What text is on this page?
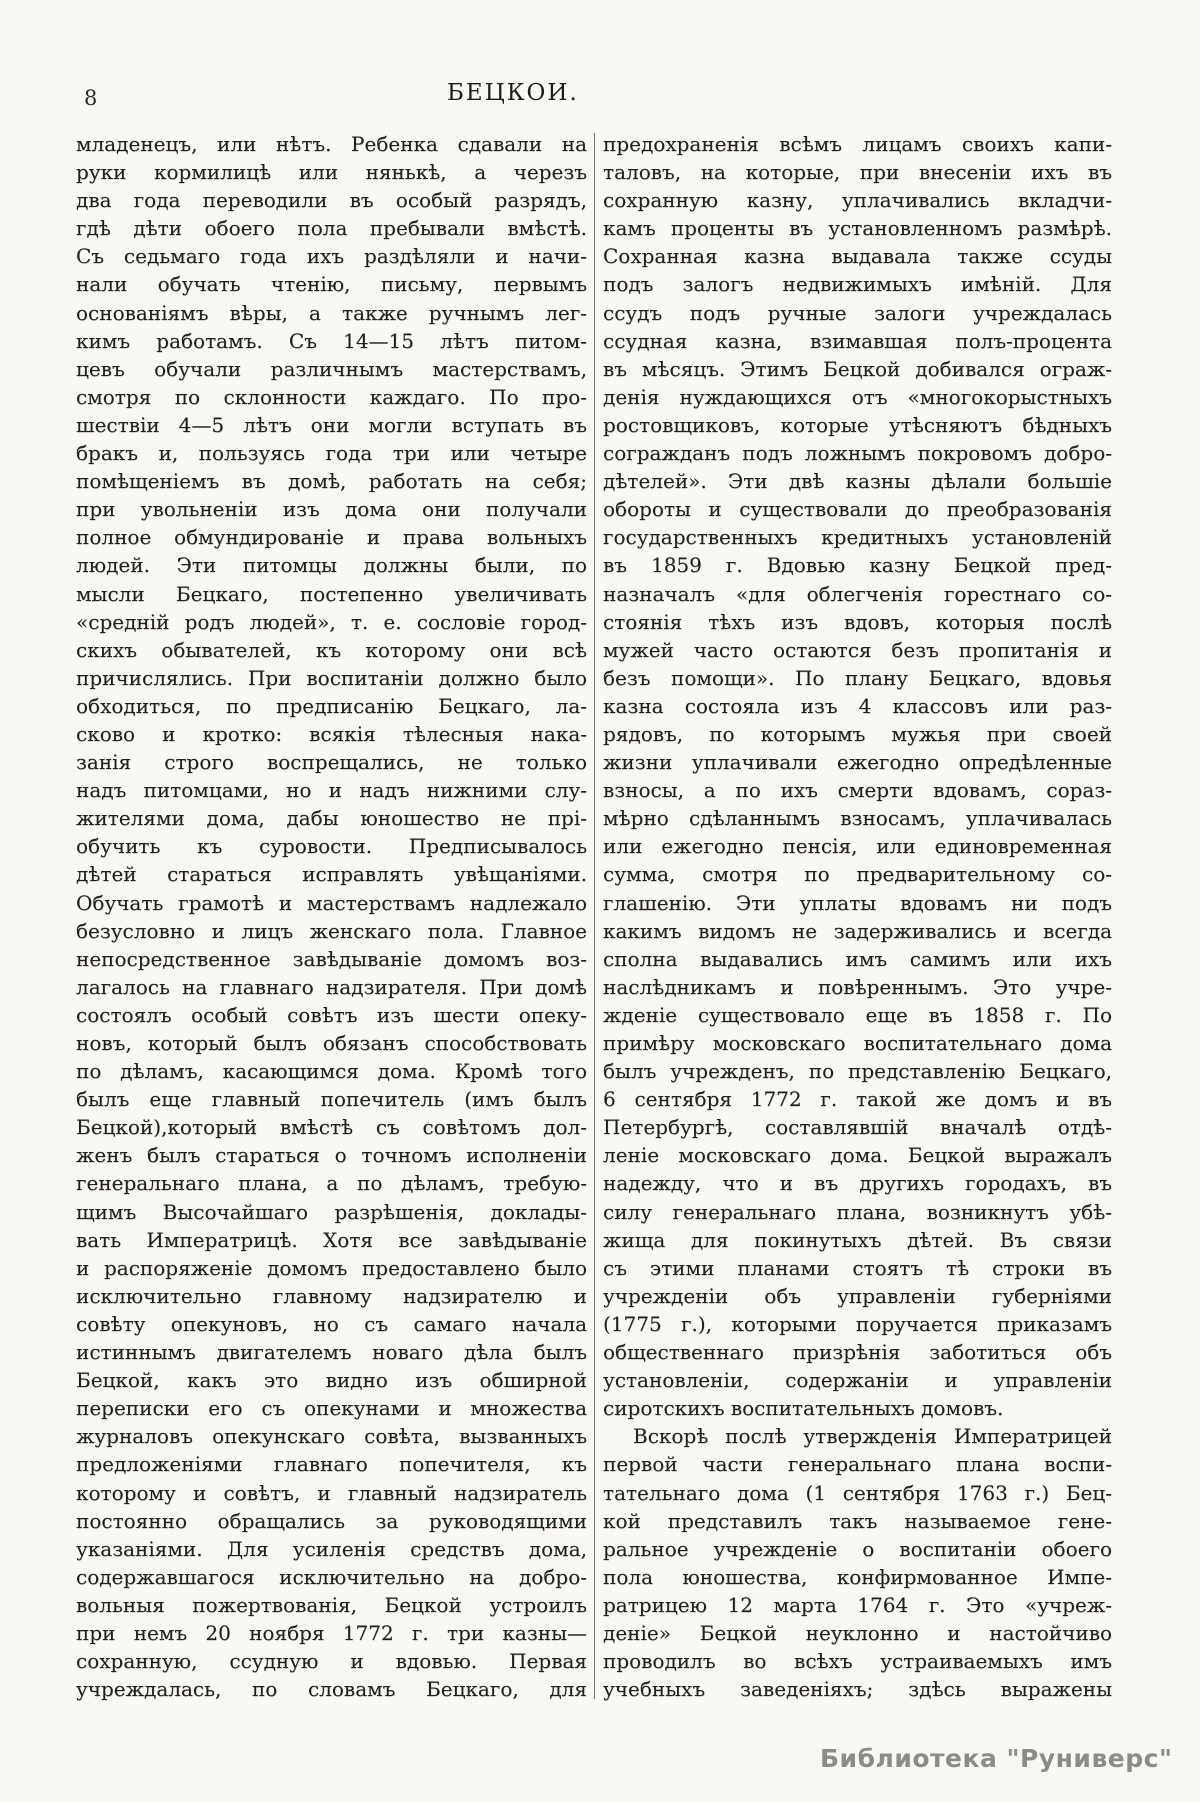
8	БЕЦКОИ.
младенецъ, или нѣтъ. Ребенка сдавали на
руки кормилицѣ или нянькѣ, а черезъ
два года переводили въ особый разрядъ,
гдѣ дѣти обоего пола пребывали вмѣстѣ.
Съ седьмаго года ихъ раздѣляли и начи-
нали обучать чтенію, письму, первымъ
основаніямъ вѣры, а также ручнымъ лег-
кимъ работамъ. Съ 14—15 лѣтъ питом-
цевъ обучали различнымъ мастерствамъ,
смотря по склонности каждаго. По про-
шествіи 4—5 лѣтъ они могли вступать въ
бракъ и, пользуясь года три или четыре
помѣщеніемъ въ домѣ, работать на себя;
при увольненіи изъ дома они получали
полное обмундированіе и права вольныхъ
людей. Эти питомцы должны были, по
мысли Бецкаго, постепенно увеличивать
«средній родъ людей», т. е. сословіе город-
скихъ обывателей, къ которому они всѣ
причислялись. При воспитаніи должно было
обходиться, по предписанію Бецкаго, ла-
сково и кротко: всякія тѣлесныя нака-
занія строго воспрещались, не только
надъ питомцами, но и надъ нижними слу-
жителями дома, дабы юношество не прі-
обучить къ суровости. Предписывалось
дѣтей стараться исправлять увѣщаніями.
Обучать грамотѣ и мастерствамъ надлежало
безусловно и лицъ женскаго пола. Главное
непосредственное завѣдываніе домомъ воз-
лагалось на главнаго надзирателя. При домѣ
состоялъ особый совѣтъ изъ шести опеку-
новъ, который былъ обязанъ способствовать
по дѣламъ, касающимся дома. Кромѣ того
былъ еще главный попечитель (имъ былъ
Бецкой),который вмѣстѣ съ совѣтомъ дол-
женъ былъ стараться о точномъ исполненіи
генеральнаго плана, а по дѣламъ, требую-
щимъ Высочайшаго разрѣшенія, доклады-
вать Императрицѣ. Хотя все завѣдываніе
и распоряженіе домомъ предоставлено было
исключительно главному надзирателю и
совѣту опекуновъ, но съ самаго начала
истиннымъ двигателемъ новаго дѣла былъ
Бецкой, какъ это видно изъ обширной
переписки его съ опекунами и множества
журналовъ опекунскаго совѣта, вызванныхъ
предложеніями главнаго попечителя, къ
которому и совѣтъ, и главный надзиратель
постоянно обращались за руководящими
указаніями. Для усиленія средствъ дома,
содержавшагося исключительно на добро-
вольныя пожертвованія, Бецкой устроилъ
при немъ 20 ноября 1772 г. три казны—
сохранную, ссудную и вдовью. Первая
учреждалась, по словамъ Бецкаго, для
предохраненія всѣмъ лицамъ своихъ капи-
таловъ, на которые, при внесеніи ихъ въ
сохранную казну, уплачивались вкладчи-
камъ проценты въ установленномъ размѣрѣ.
Сохранная казна выдавала также ссуды
подъ залогъ недвижимыхъ имѣній. Для
ссудъ подъ ручные залоги учреждалась
ссудная казна, взимавшая полъ-процента
въ мѣсяцъ. Этимъ Бецкой добивался ограж-
денія нуждающихся отъ «многокорыстныхъ
ростовщиковъ, которые утѣсняютъ бѣдныхъ
согражданъ подъ ложнымъ покровомъ добро-
дѣтелей». Эти двѣ казны дѣлали большіе
обороты и существовали до преобразованія
государственныхъ кредитныхъ установленій
въ 1859 г. Вдовью казну Бецкой пред-
назначалъ «для облегченія горестнаго со-
стоянія тѣхъ изъ вдовъ, которыя послѣ
мужей часто остаются безъ пропитанія и
безъ помощи». По плану Бецкаго, вдовья
казна состояла изъ 4 классовъ или раз-
рядовъ, по которымъ мужья при своей
жизни уплачивали ежегодно опредѣленные
взносы, а по ихъ смерти вдовамъ, сораз-
мѣрно сдѣланнымъ взносамъ, уплачивалась
или ежегодно пенсія, или единовременная
сумма, смотря по предварительному со-
глашенію. Эти уплаты вдовамъ ни подъ
какимъ видомъ не задерживались и всегда
сполна выдавались имъ самимъ или ихъ
наслѣдникамъ и повѣреннымъ. Это учре-
жденіе существовало еще въ 1858 г. По
примѣру московскаго воспитательнаго дома
былъ учрежденъ, по представленію Бецкаго,
6 сентября 1772 г. такой же домъ и въ
Петербургѣ, составлявшій вначалѣ отдѣ-
леніе московскаго дома. Бецкой выражалъ
надежду, что и въ другихъ городахъ, въ
силу генеральнаго плана, возникнутъ убѣ-
жища для покинутыхъ дѣтей. Въ связи
съ этими планами стоятъ тѣ строки въ
учрежденіи объ управленіи губерніями
(1775 г.), которыми поручается приказамъ
общественнаго призрѣнія заботиться объ
установленіи, содержаніи и управленіи
сиротскихъ воспитательныхъ домовъ.
Вскорѣ послѣ утвержденія Императрицей
первой части генеральнаго плана воспи-
тательнаго дома (1 сентября 1763 г.) Бец-
кой представилъ такъ называемое гене-
ральное учрежденіе о воспитаніи обоего
пола юношества, конфирмованное Импе-
ратрицею 12 марта 1764 г. Это «учреж-
деніе» Бецкой неуклонно и настойчиво
проводилъ во всѣхъ устраиваемыхъ имъ
учебныхъ заведеніяхъ; здѣсь выражены
Библиотека "Руниверс"
